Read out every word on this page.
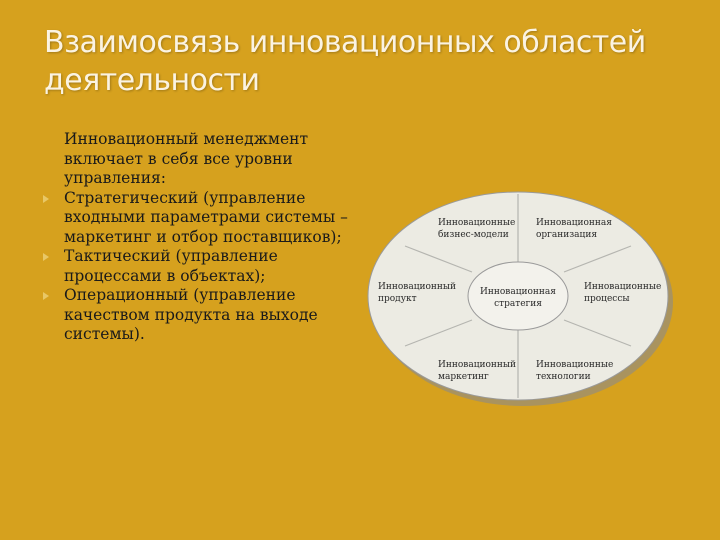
Взаимосвязь инновационных областей
деятельности

Инновационный менеджмент включает в себя все уровни управления:

Стратегический (управление входными параметрами системы – маркетинг и отбор поставщиков);
Тактический (управление процессами в объектах);
Операционный (управление качеством продукта на выходе системы).
Инновационные
бизнес-модели
Инновационная
организация
Инновационный
продукт
Инновационные
процессы
Инновационная
стратегия
Инновационный
маркетинг
Инновационные
технологии
